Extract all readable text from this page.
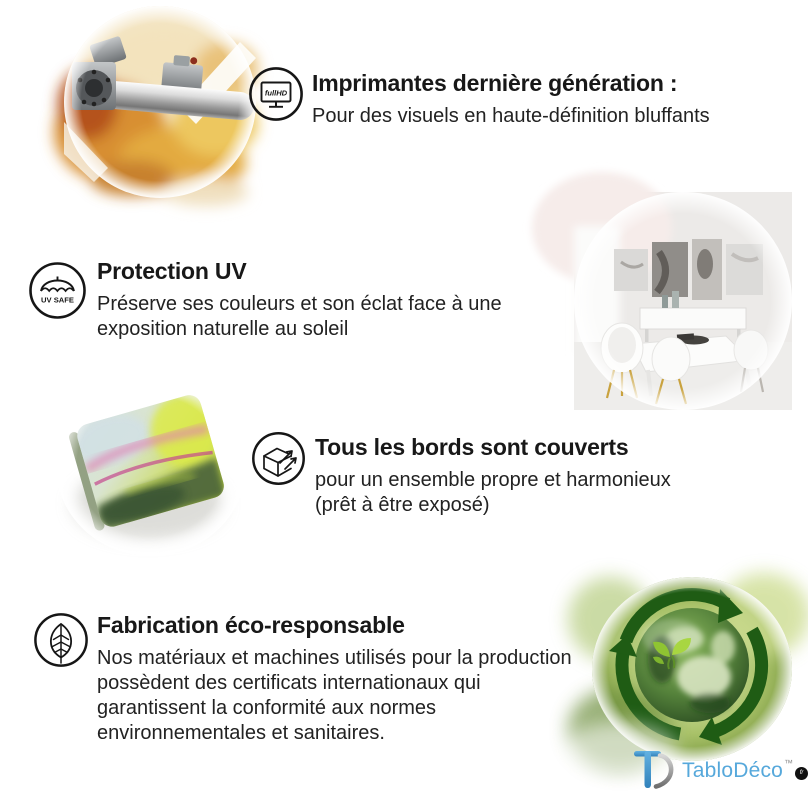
fullHD Imprimantes dernière génération :
Pour des visuels en haute-définition bluffants
UV SAFE
Protection UV
Préserve ses couleurs et son éclat face à une
exposition naturelle au soleil
Tous les bords sont couverts
pour un ensemble propre et harmonieux
(prêt à être exposé)
Fabrication éco-responsable
Nos matériaux et machines utilisés pour la production
possèdent des certificats internationaux qui
garantissent la conformité aux normes
environnementales et sanitaires.
TabloDéco ™
fr
